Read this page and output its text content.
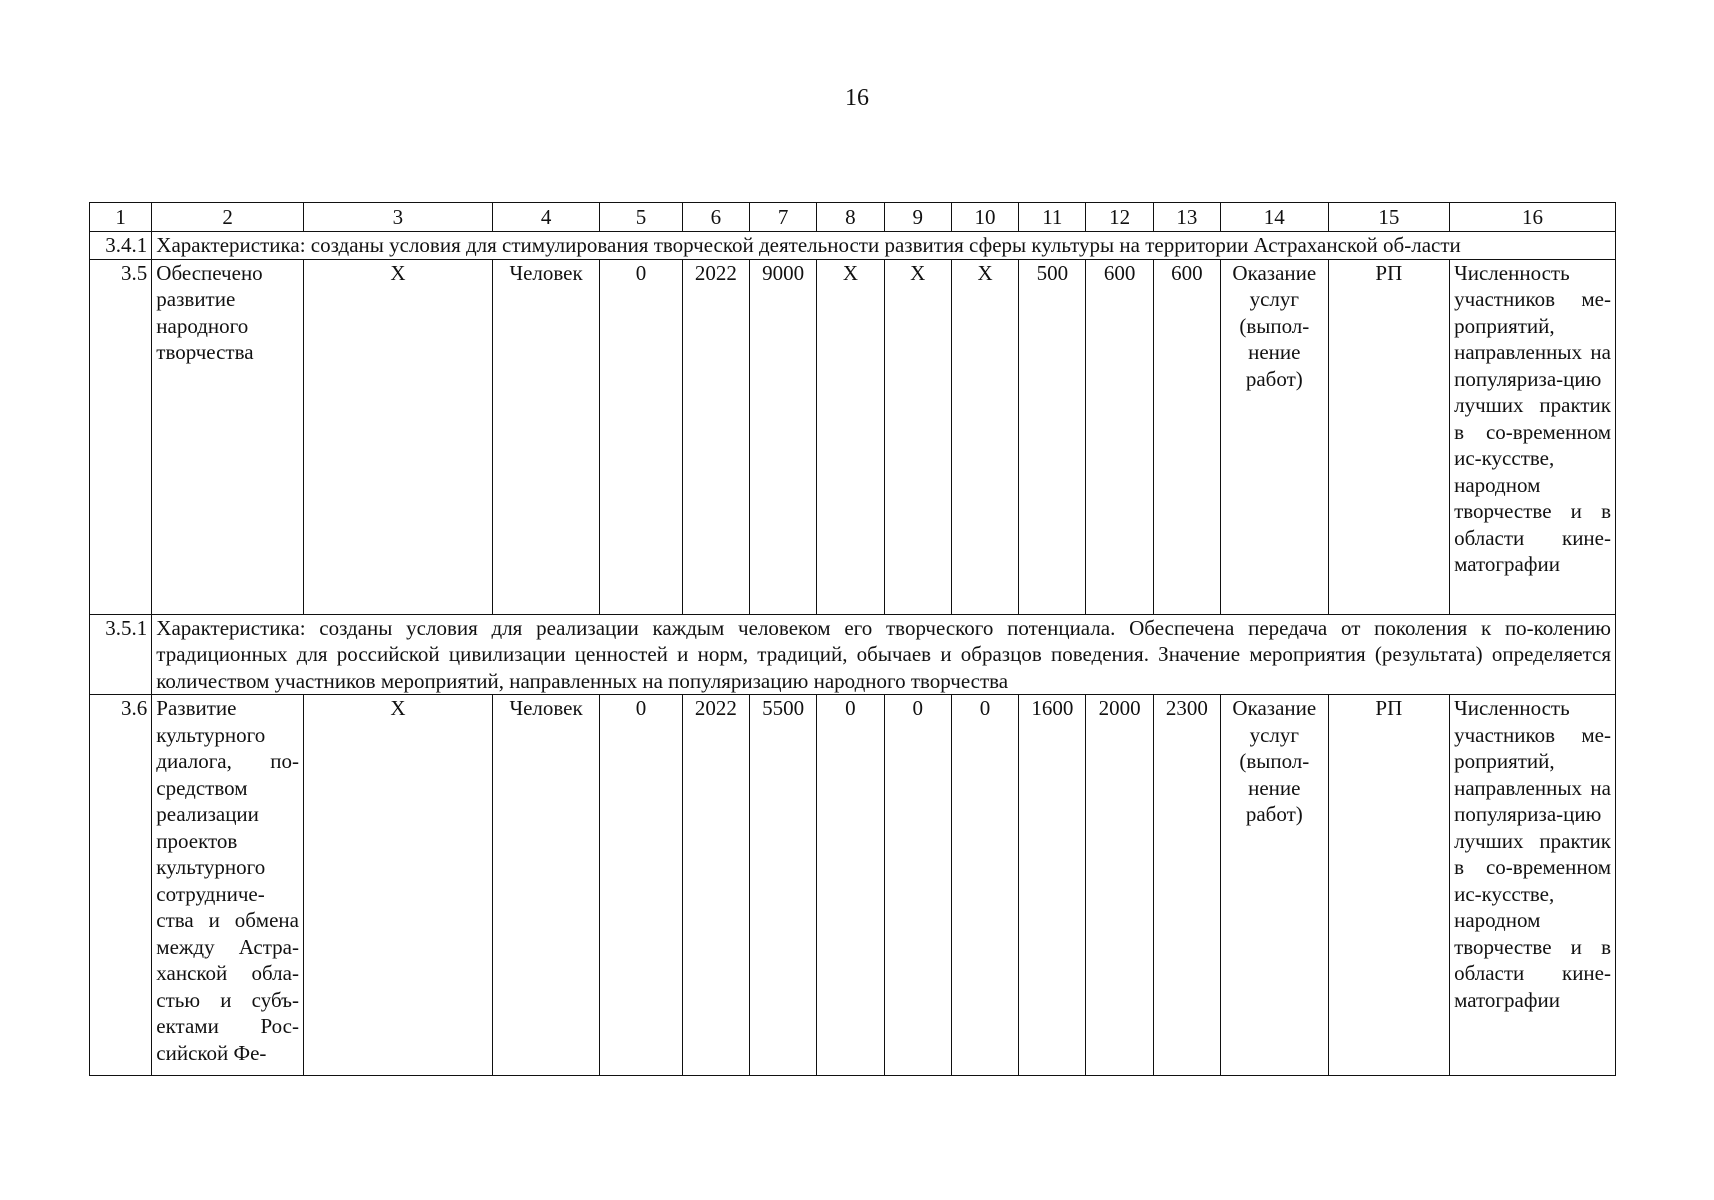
16
1	2	3	4	5	6	7	8	9	10	11	12	13	14	15	16
3.4.1	Характеристика: созданы условия для стимулирования творческой деятельности развития сферы культуры на территории Астраханской об-ласти														
3.5	Обеспечено развитие народного творчества	X	Человек	0	2022	9000	X	X	X	500	600	600	Оказание услуг (выпол-нение работ)	РП	Численность участников ме-роприятий, направленных на популяриза-цию лучших практик в со-временном ис-кусстве, народном творчестве и в области кине-матографии
3.5.1	Характеристика: созданы условия для реализации каждым человеком его творческого потенциала. Обеспечена передача от поколения к по-колению традиционных для российской цивилизации ценностей и норм, традиций, обычаев и образцов поведения. Значение мероприятия (результата) определяется количеством участников мероприятий, направленных на популяризацию народного творчества														
3.6	Развитие культурного диалога, по-средством реализации проектов культурного сотрудниче-ства и обмена между Астра-ханской обла-стью и субъ-ектами Рос-сийской Фе-	X	Человек	0	2022	5500	0	0	0	1600	2000	2300	Оказание услуг (выпол-нение работ)	РП	Численность участников ме-роприятий, направленных на популяриза-цию лучших практик в со-временном ис-кусстве, народном творчестве и в области кине-матографии
